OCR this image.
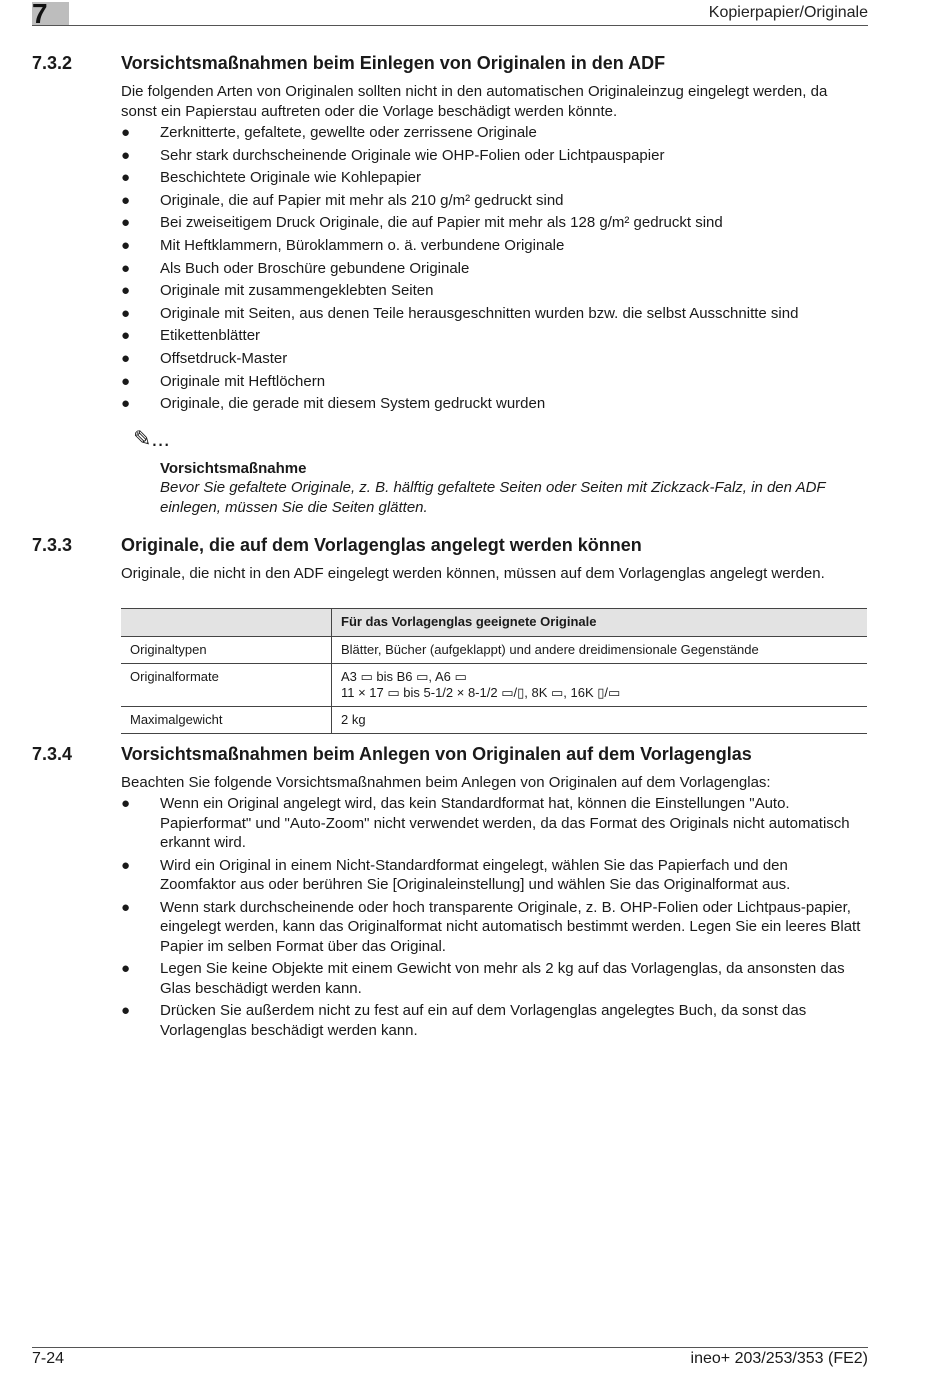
7	Kopierpapier/Originale
7.3.2	Vorsichtsmaßnahmen beim Einlegen von Originalen in den ADF
Die folgenden Arten von Originalen sollten nicht in den automatischen Originaleinzug eingelegt werden, da sonst ein Papierstau auftreten oder die Vorlage beschädigt werden könnte.
● Zerknitterte, gefaltete, gewellte oder zerrissene Originale
● Sehr stark durchscheinende Originale wie OHP-Folien oder Lichtpauspapier
● Beschichtete Originale wie Kohlepapier
● Originale, die auf Papier mit mehr als 210 g/m² gedruckt sind
● Bei zweiseitigem Druck Originale, die auf Papier mit mehr als 128 g/m² gedruckt sind
● Mit Heftklammern, Büroklammern o. ä. verbundene Originale
● Als Buch oder Broschüre gebundene Originale
● Originale mit zusammengeklebten Seiten
● Originale mit Seiten, aus denen Teile herausgeschnitten wurden bzw. die selbst Ausschnitte sind
● Etikettenblätter
● Offsetdruck-Master
● Originale mit Heftlöchern
● Originale, die gerade mit diesem System gedruckt wurden
✎...
Vorsichtsmaßnahme
Bevor Sie gefaltete Originale, z. B. hälftig gefaltete Seiten oder Seiten mit Zickzack-Falz, in den ADF einlegen, müssen Sie die Seiten glätten.
7.3.3	Originale, die auf dem Vorlagenglas angelegt werden können
Originale, die nicht in den ADF eingelegt werden können, müssen auf dem Vorlagenglas angelegt werden.
	Für das Vorlagenglas geeignete Originale
Originaltypen	Blätter, Bücher (aufgeklappt) und andere dreidimensionale Gegenstände
Originalformate	A3 ▭ bis B6 ▭, A6 ▭
11 × 17 ▭ bis 5-1/2 × 8-1/2 ▭/▯, 8K ▭, 16K ▯/▭

Maximalgewicht	2 kg
7.3.4	Vorsichtsmaßnahmen beim Anlegen von Originalen auf dem Vorlagenglas
Beachten Sie folgende Vorsichtsmaßnahmen beim Anlegen von Originalen auf dem Vorlagenglas:
● Wenn ein Original angelegt wird, das kein Standardformat hat, können die Einstellungen "Auto. Papierformat" und "Auto-Zoom" nicht verwendet werden, da das Format des Originals nicht automatisch erkannt wird.
● Wird ein Original in einem Nicht-Standardformat eingelegt, wählen Sie das Papierfach und den Zoomfaktor aus oder berühren Sie [Originaleinstellung] und wählen Sie das Originalformat aus.
● Wenn stark durchscheinende oder hoch transparente Originale, z. B. OHP-Folien oder Lichtpaus-papier, eingelegt werden, kann das Originalformat nicht automatisch bestimmt werden. Legen Sie ein leeres Blatt Papier im selben Format über das Original.
● Legen Sie keine Objekte mit einem Gewicht von mehr als 2 kg auf das Vorlagenglas, da ansonsten das Glas beschädigt werden kann.
● Drücken Sie außerdem nicht zu fest auf ein auf dem Vorlagenglas angelegtes Buch, da sonst das Vorlagenglas beschädigt werden kann.
7-24	ineo+ 203/253/353 (FE2)
